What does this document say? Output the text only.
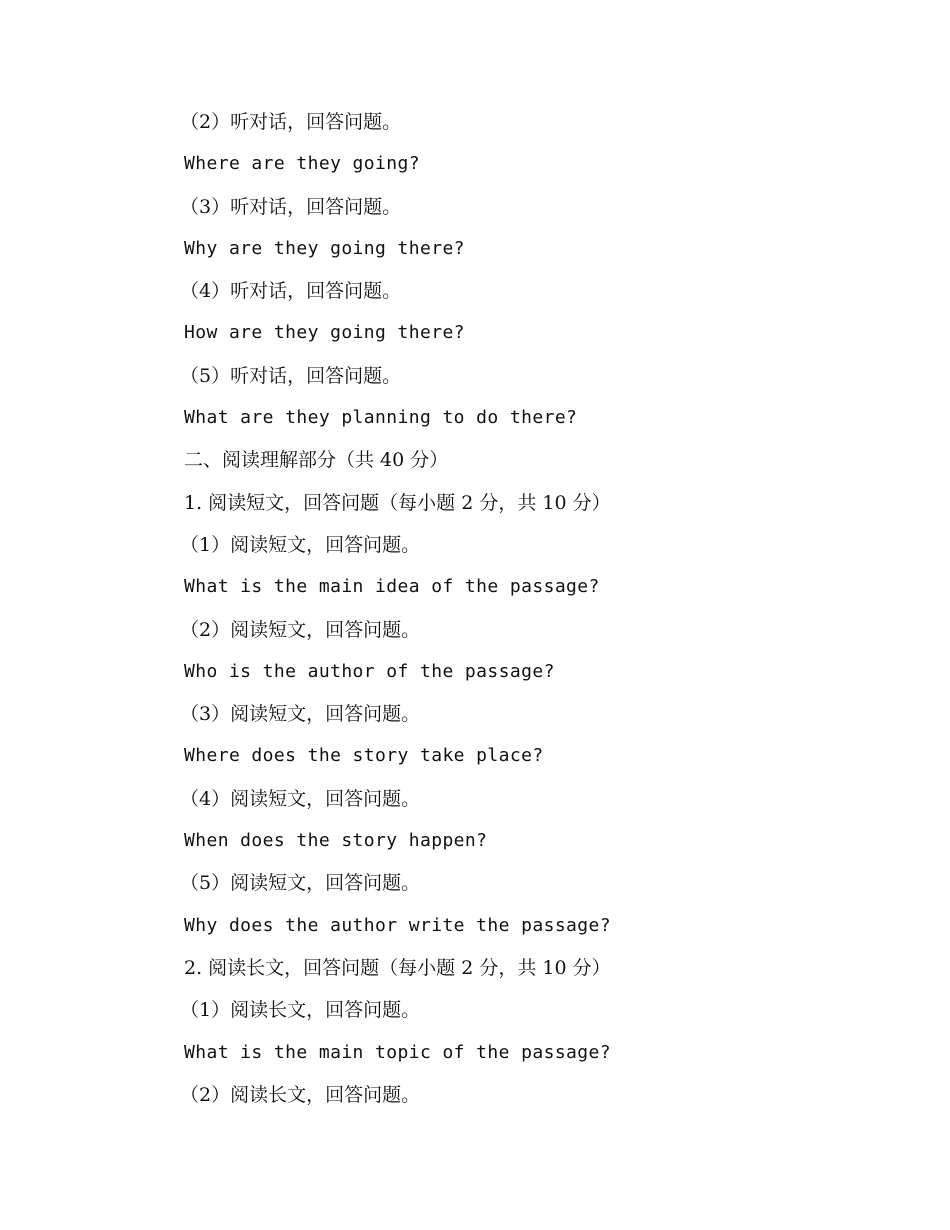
（2）听对话，回答问题。
Where are they going?
（3）听对话，回答问题。
Why are they going there?
（4）听对话，回答问题。
How are they going there?
（5）听对话，回答问题。
What are they planning to do there?
二、阅读理解部分（共 40 分）
1. 阅读短文，回答问题（每小题 2 分，共 10 分）
（1）阅读短文，回答问题。
What is the main idea of the passage?
（2）阅读短文，回答问题。
Who is the author of the passage?
（3）阅读短文，回答问题。
Where does the story take place?
（4）阅读短文，回答问题。
When does the story happen?
（5）阅读短文，回答问题。
Why does the author write the passage?
2. 阅读长文，回答问题（每小题 2 分，共 10 分）
（1）阅读长文，回答问题。
What is the main topic of the passage?
（2）阅读长文，回答问题。
